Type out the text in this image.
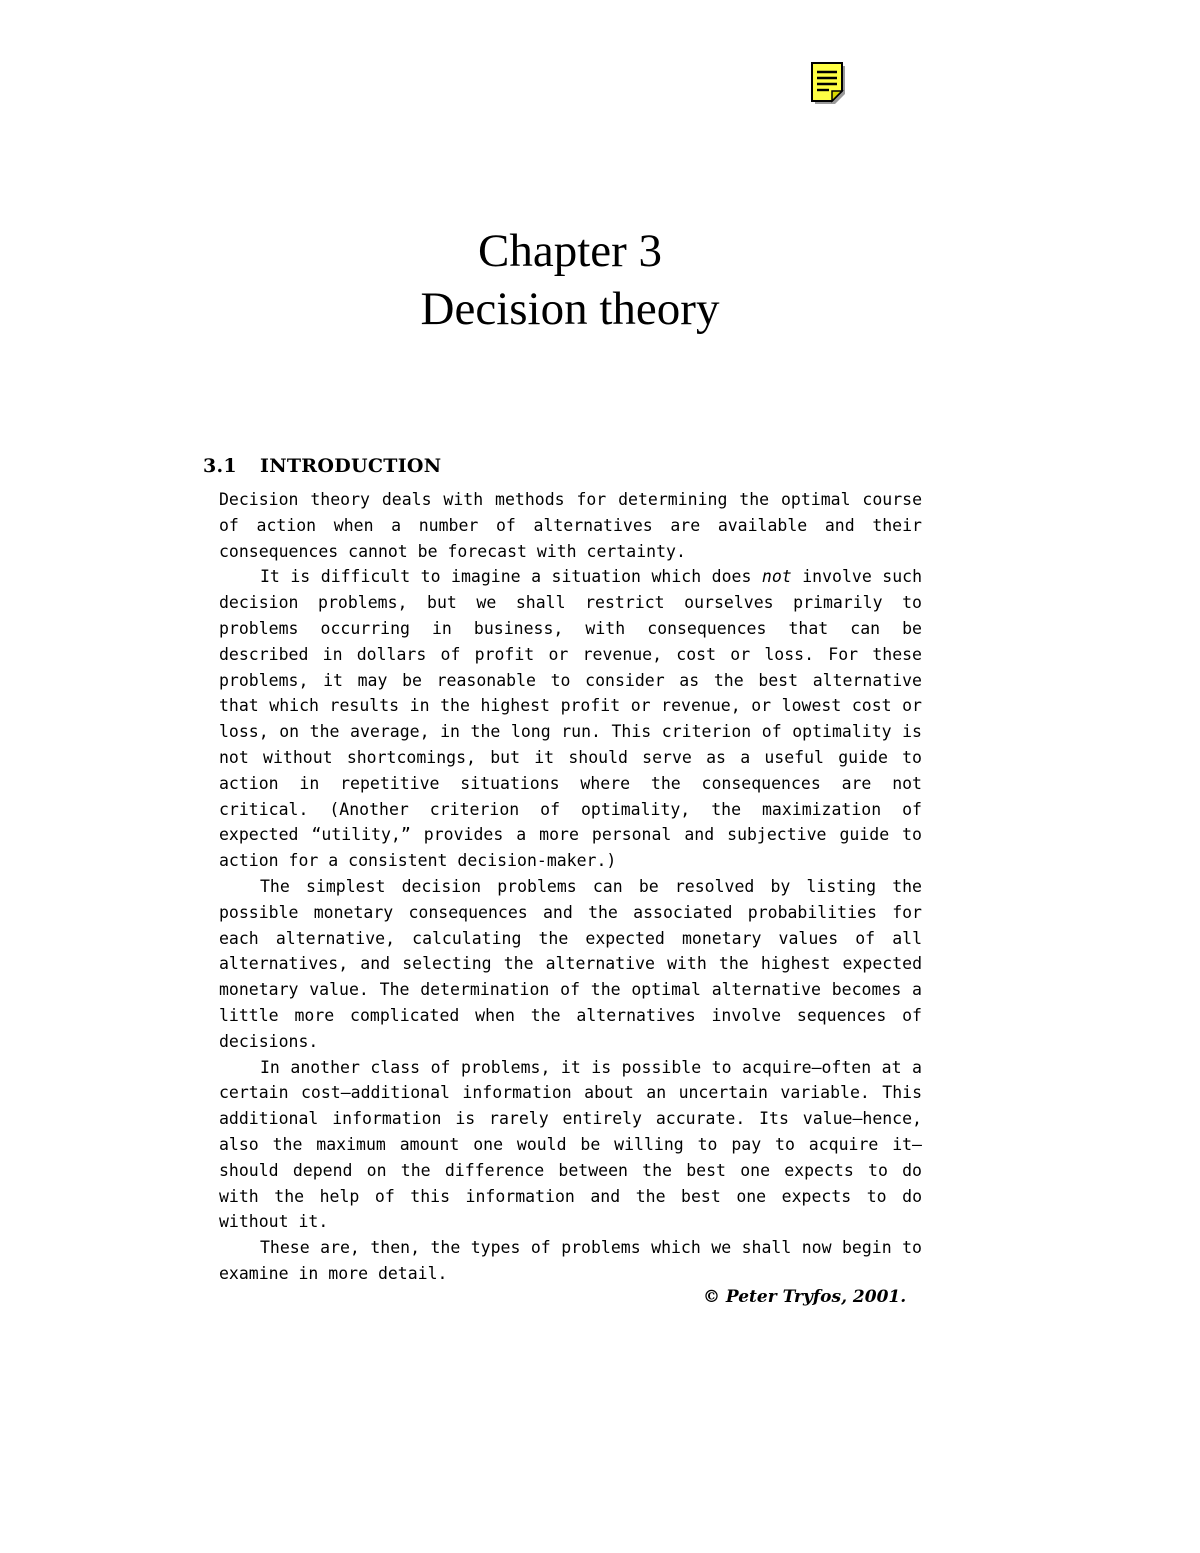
Chapter 3
Decision theory
3.1 INTRODUCTION

Decision theory deals with methods for determining the optimal course of action when a number of alternatives are available and their consequences cannot be forecast with certainty.

It is difficult to imagine a situation which does not involve such decision problems, but we shall restrict ourselves primarily to problems occurring in business, with consequences that can be described in dollars of profit or revenue, cost or loss. For these problems, it may be reasonable to consider as the best alternative that which results in the highest profit or revenue, or lowest cost or loss, on the average, in the long run. This criterion of optimality is not without shortcomings, but it should serve as a useful guide to action in repetitive situations where the consequences are not critical. (Another criterion of optimality, the maximization of expected “utility,” provides a more personal and subjective guide to action for a consistent decision-maker.)

The simplest decision problems can be resolved by listing the possible monetary consequences and the associated probabilities for each alternative, calculating the expected monetary values of all alternatives, and selecting the alternative with the highest expected monetary value. The determination of the optimal alternative becomes a little more complicated when the alternatives involve sequences of decisions.

In another class of problems, it is possible to acquire—often at a certain cost—additional information about an uncertain variable. This additional information is rarely entirely accurate. Its value—hence, also the maximum amount one would be willing to pay to acquire it—should depend on the difference between the best one expects to do with the help of this information and the best one expects to do without it.

These are, then, the types of problems which we shall now begin to examine in more detail.

© Peter Tryfos, 2001.
